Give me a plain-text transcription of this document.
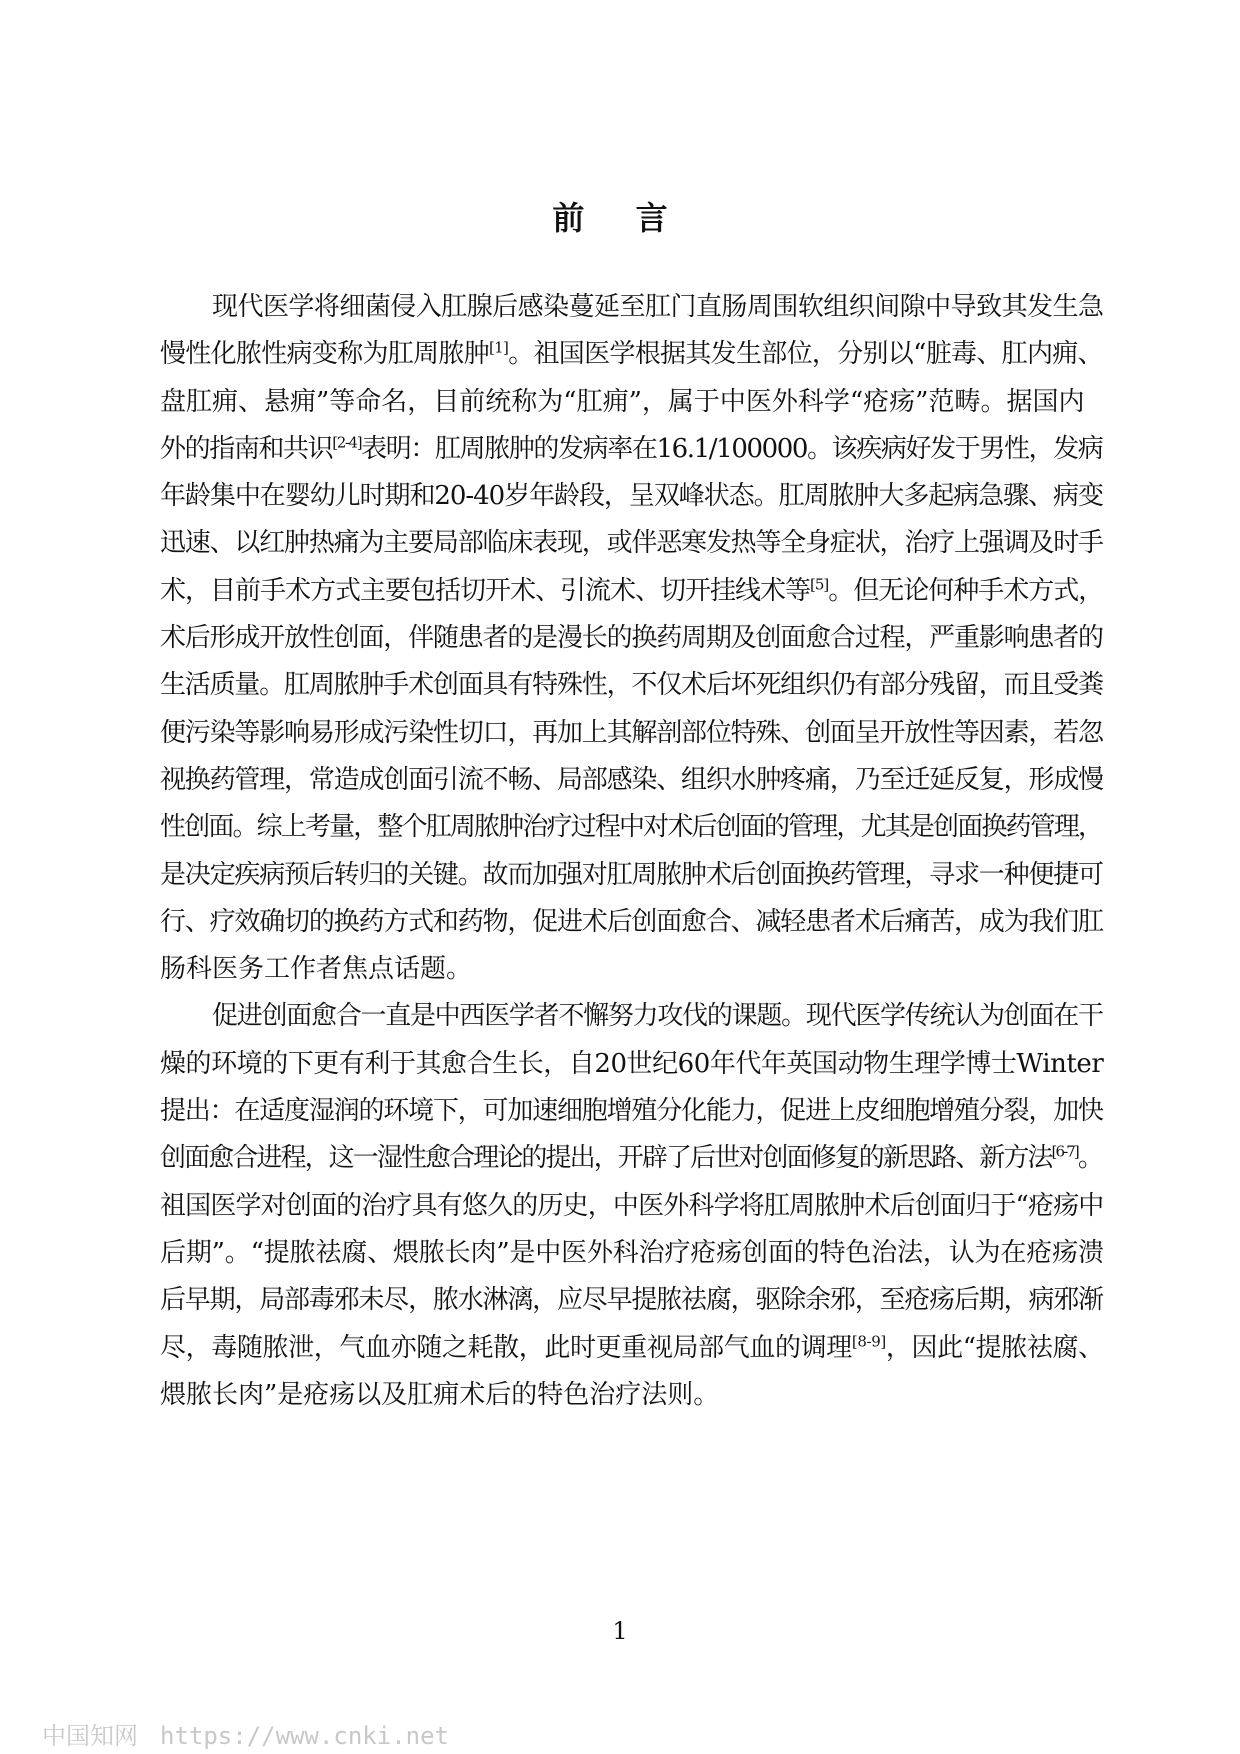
前 言

现代医学将细菌侵入肛腺后感染蔓延至肛门直肠周围软组织间隙中导致其发生急
慢性化脓性病变称为肛周脓肿[1]。祖国医学根据其发生部位，分别以“脏毒、肛内痈、
盘肛痈、悬痈”等命名，目前统称为“肛痈”，属于中医外科学“疮疡”范畴。据国内
外的指南和共识[2-4]表明：肛周脓肿的发病率在16.1/100000。该疾病好发于男性，发病
年龄集中在婴幼儿时期和20-40岁年龄段，呈双峰状态。肛周脓肿大多起病急骤、病变
迅速、以红肿热痛为主要局部临床表现，或伴恶寒发热等全身症状，治疗上强调及时手
术，目前手术方式主要包括切开术、引流术、切开挂线术等[5]。但无论何种手术方式，
术后形成开放性创面，伴随患者的是漫长的换药周期及创面愈合过程，严重影响患者的
生活质量。肛周脓肿手术创面具有特殊性，不仅术后坏死组织仍有部分残留，而且受粪
便污染等影响易形成污染性切口，再加上其解剖部位特殊、创面呈开放性等因素，若忽
视换药管理，常造成创面引流不畅、局部感染、组织水肿疼痛，乃至迁延反复，形成慢
性创面。综上考量，整个肛周脓肿治疗过程中对术后创面的管理，尤其是创面换药管理，
是决定疾病预后转归的关键。故而加强对肛周脓肿术后创面换药管理，寻求一种便捷可
行、疗效确切的换药方式和药物，促进术后创面愈合、减轻患者术后痛苦，成为我们肛
肠科医务工作者焦点话题。

促进创面愈合一直是中西医学者不懈努力攻伐的课题。现代医学传统认为创面在干
燥的环境的下更有利于其愈合生长，自20世纪60年代年英国动物生理学博士Winter
提出：在适度湿润的环境下，可加速细胞增殖分化能力，促进上皮细胞增殖分裂，加快
创面愈合进程，这一湿性愈合理论的提出，开辟了后世对创面修复的新思路、新方法[6-7]。
祖国医学对创面的治疗具有悠久的历史，中医外科学将肛周脓肿术后创面归于“疮疡中
后期”。“提脓祛腐、煨脓长肉”是中医外科治疗疮疡创面的特色治法，认为在疮疡溃
后早期，局部毒邪未尽，脓水淋漓，应尽早提脓祛腐，驱除余邪，至疮疡后期，病邪渐
尽，毒随脓泄，气血亦随之耗散，此时更重视局部气血的调理[8-9]，因此“提脓祛腐、
煨脓长肉”是疮疡以及肛痈术后的特色治疗法则。

1
中国知网 https://www.cnki.net
